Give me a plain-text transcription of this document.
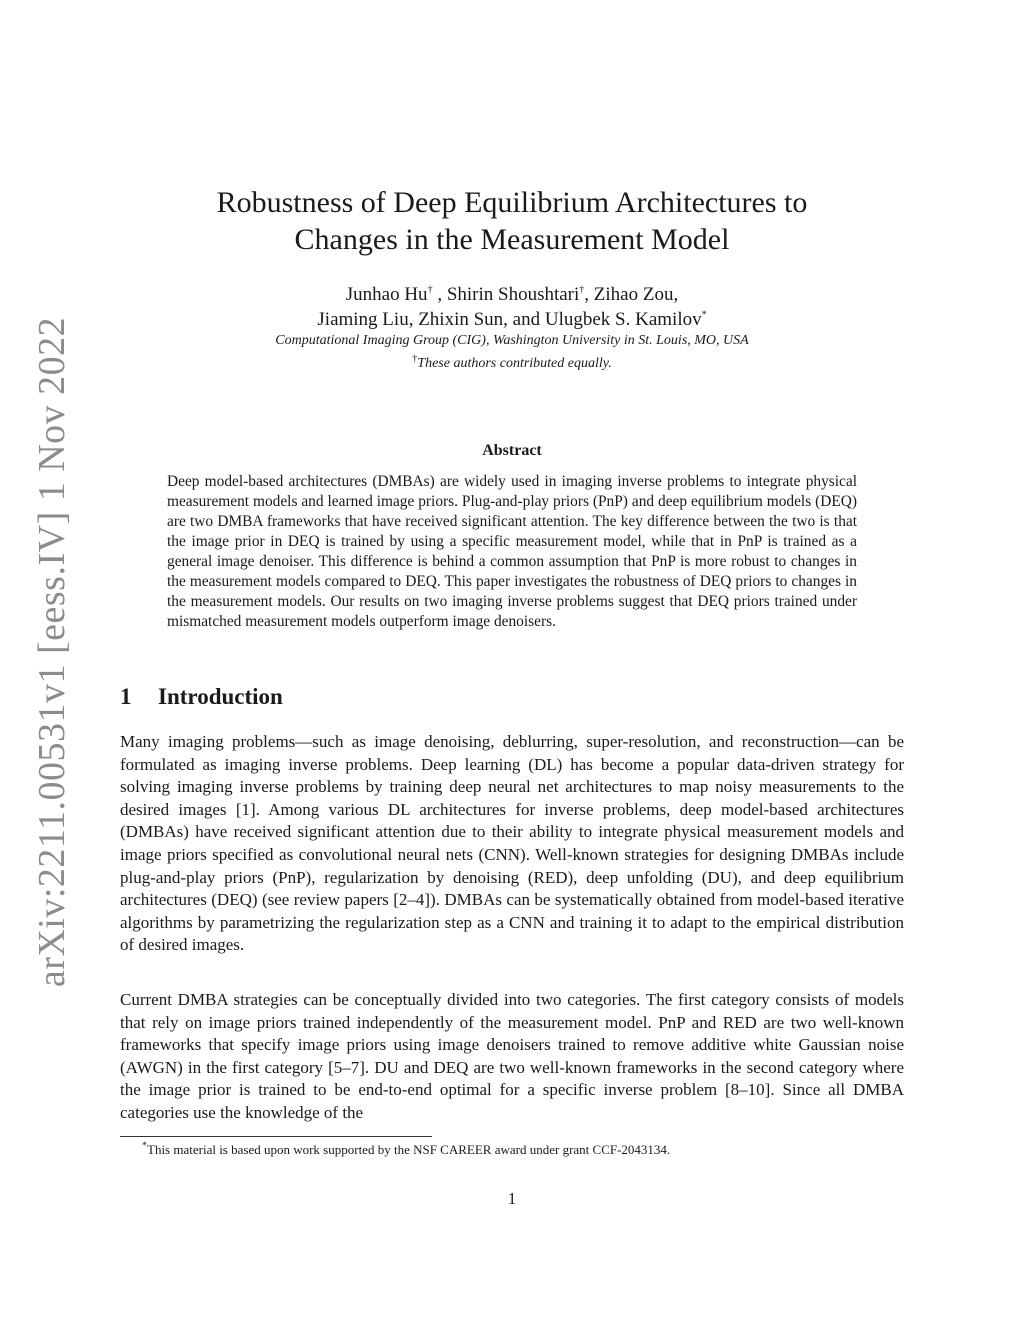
arXiv:2211.00531v1 [eess.IV] 1 Nov 2022
Robustness of Deep Equilibrium Architectures to
Changes in the Measurement Model
Junhao Hu† , Shirin Shoushtari†, Zihao Zou,
Jiaming Liu, Zhixin Sun, and Ulugbek S. Kamilov*
Computational Imaging Group (CIG), Washington University in St. Louis, MO, USA
†These authors contributed equally.
Abstract

Deep model-based architectures (DMBAs) are widely used in imaging inverse problems to integrate physical measurement models and learned image priors. Plug-and-play priors (PnP) and deep equilibrium models (DEQ) are two DMBA frameworks that have received significant attention. The key difference between the two is that the image prior in DEQ is trained by using a specific measurement model, while that in PnP is trained as a general image denoiser. This difference is behind a common assumption that PnP is more robust to changes in the measurement models compared to DEQ. This paper investigates the robustness of DEQ priors to changes in the measurement models. Our results on two imaging inverse problems suggest that DEQ priors trained under mismatched measurement models outperform image denoisers.

1 Introduction

Many imaging problems—such as image denoising, deblurring, super-resolution, and reconstruction—can be formulated as imaging inverse problems. Deep learning (DL) has become a popular data-driven strategy for solving imaging inverse problems by training deep neural net architectures to map noisy measurements to the desired images [1]. Among various DL architectures for inverse problems, deep model-based architectures (DMBAs) have received significant attention due to their ability to integrate physical measurement models and image priors specified as convolutional neural nets (CNN). Well-known strategies for designing DMBAs include plug-and-play priors (PnP), regularization by denoising (RED), deep unfolding (DU), and deep equilibrium architectures (DEQ) (see review papers [2–4]). DMBAs can be systematically obtained from model-based iterative algorithms by parametrizing the regularization step as a CNN and training it to adapt to the empirical distribution of desired images.

Current DMBA strategies can be conceptually divided into two categories. The first category consists of models that rely on image priors trained independently of the measurement model. PnP and RED are two well-known frameworks that specify image priors using image denoisers trained to remove additive white Gaussian noise (AWGN) in the first category [5–7]. DU and DEQ are two well-known frameworks in the second category where the image prior is trained to be end-to-end optimal for a specific inverse problem [8–10]. Since all DMBA categories use the knowledge of the

*This material is based upon work supported by the NSF CAREER award under grant CCF-2043134.
1
